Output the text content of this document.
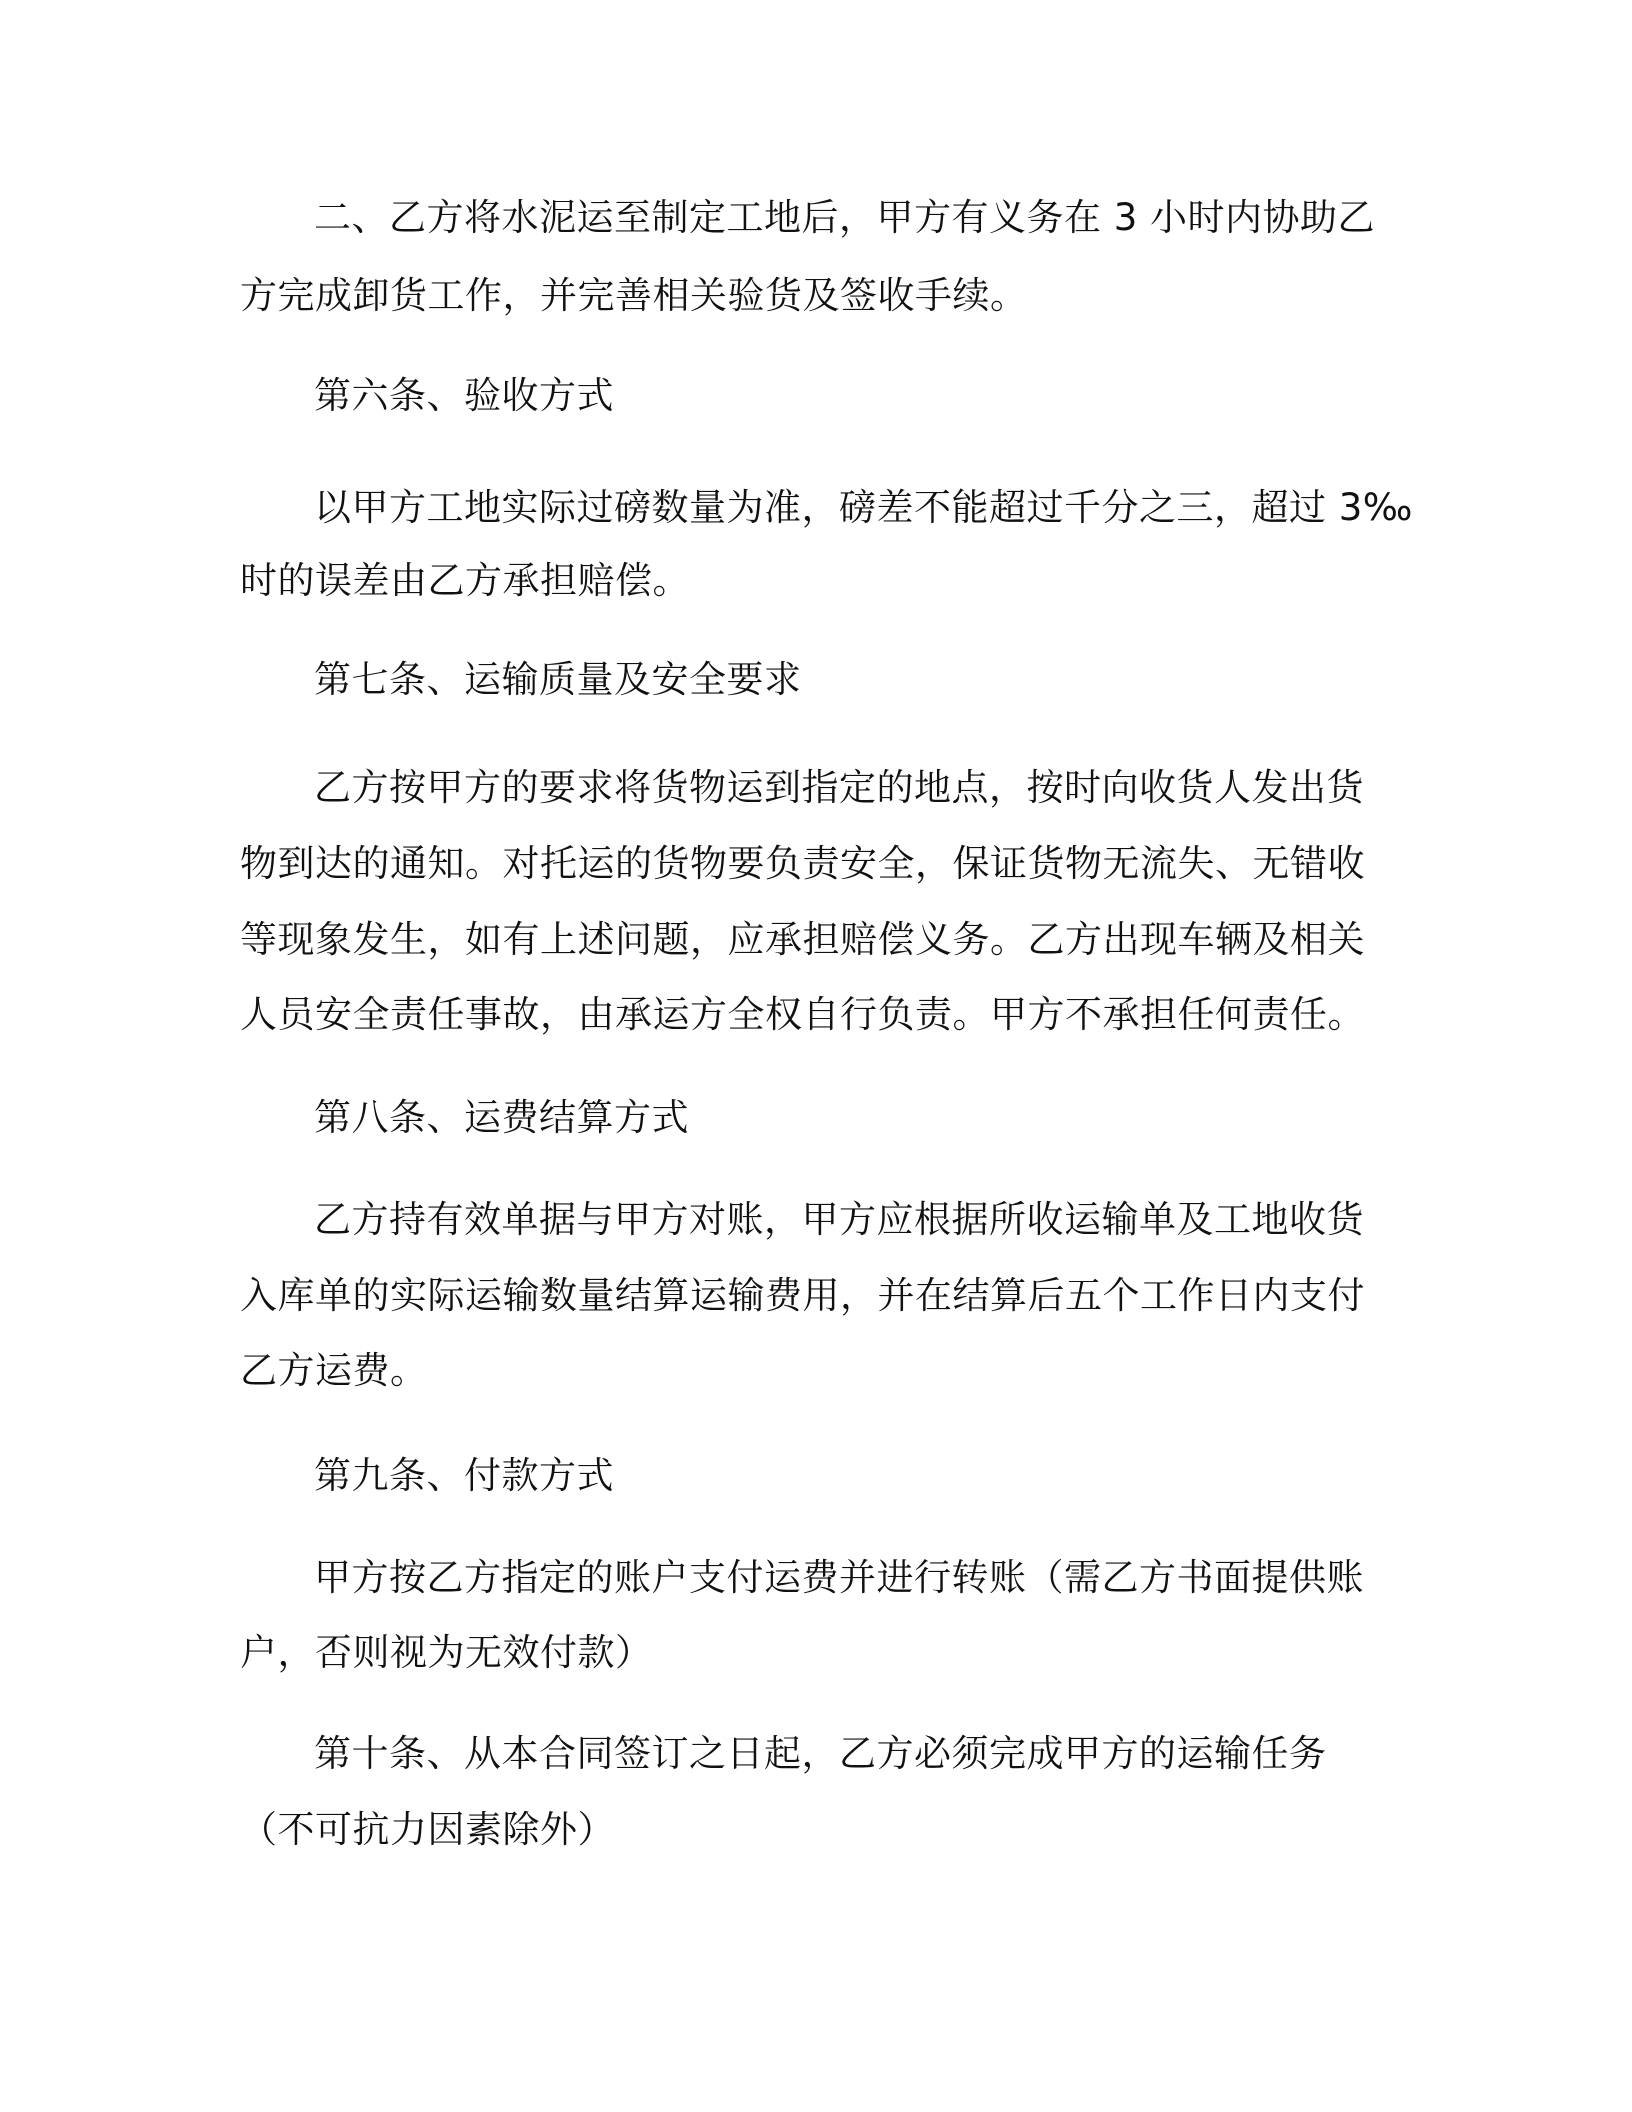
二、乙方将水泥运至制定工地后，甲方有义务在 3 小时内协助乙
方完成卸货工作，并完善相关验货及签收手续。
第六条、验收方式
以甲方工地实际过磅数量为准，磅差不能超过千分之三，超过 3‰
时的误差由乙方承担赔偿。
第七条、运输质量及安全要求
乙方按甲方的要求将货物运到指定的地点，按时向收货人发出货
物到达的通知。对托运的货物要负责安全，保证货物无流失、无错收
等现象发生，如有上述问题，应承担赔偿义务。乙方出现车辆及相关
人员安全责任事故，由承运方全权自行负责。甲方不承担任何责任。
第八条、运费结算方式
乙方持有效单据与甲方对账，甲方应根据所收运输单及工地收货
入库单的实际运输数量结算运输费用，并在结算后五个工作日内支付
乙方运费。
第九条、付款方式
甲方按乙方指定的账户支付运费并进行转账（需乙方书面提供账
户，否则视为无效付款）
第十条、从本合同签订之日起，乙方必须完成甲方的运输任务
（不可抗力因素除外）
